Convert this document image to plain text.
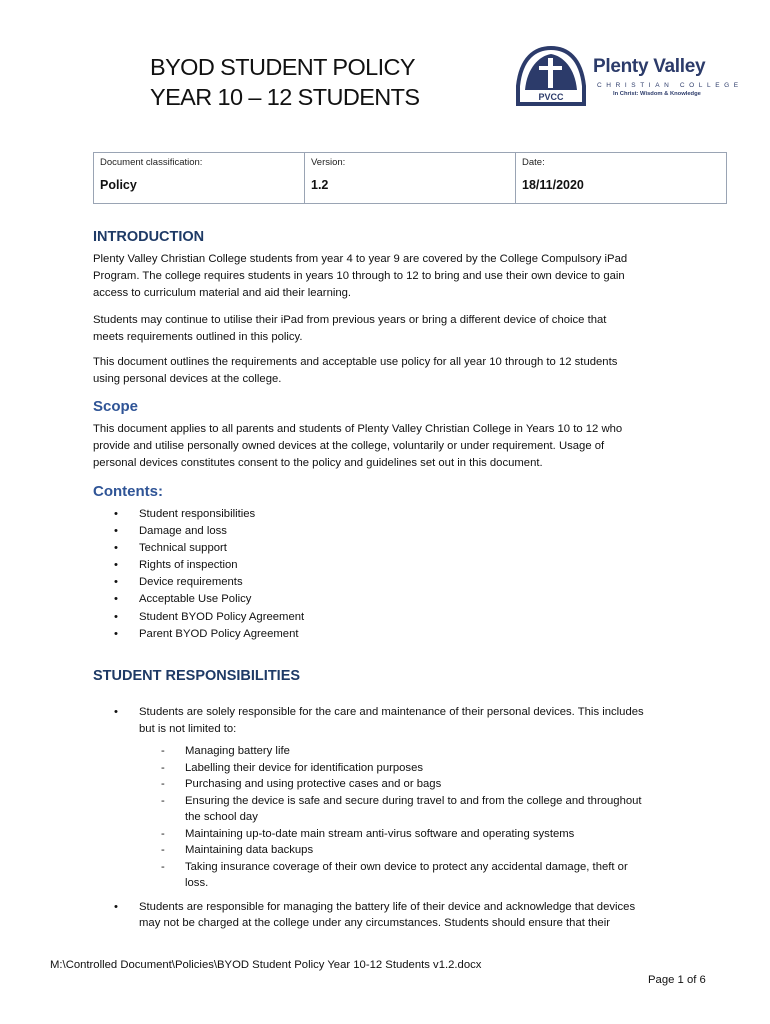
BYOD STUDENT POLICY
YEAR 10 – 12 STUDENTS	PVCC
Plenty Valley
CHRISTIAN COLLEGE
In Christ: Wisdom & Knowledge
Document classification:
Policy

Version:
1.2

Date:
18/11/2020
INTRODUCTION
Plenty Valley Christian College students from year 4 to year 9 are covered by the College Compulsory iPad
Program. The college requires students in years 10 through to 12 to bring and use their own device to gain
access to curriculum material and aid their learning.
Students may continue to utilise their iPad from previous years or bring a different device of choice that
meets requirements outlined in this policy.
This document outlines the requirements and acceptable use policy for all year 10 through to 12 students
using personal devices at the college.
Scope
This document applies to all parents and students of Plenty Valley Christian College in Years 10 to 12 who
provide and utilise personally owned devices at the college, voluntarily or under requirement. Usage of
personal devices constitutes consent to the policy and guidelines set out in this document.
Contents:
• Student responsibilities
• Damage and loss
• Technical support
• Rights of inspection
• Device requirements
• Acceptable Use Policy
• Student BYOD Policy Agreement
• Parent BYOD Policy Agreement
STUDENT RESPONSIBILITIES
• Students are solely responsible for the care and maintenance of their personal devices. This includes
but is not limited to:
- Managing battery life
- Labelling their device for identification purposes
- Purchasing and using protective cases and or bags
- Ensuring the device is safe and secure during travel to and from the college and throughout
the school day
- Maintaining up-to-date main stream anti-virus software and operating systems
- Maintaining data backups
- Taking insurance coverage of their own device to protect any accidental damage, theft or
loss.
• Students are responsible for managing the battery life of their device and acknowledge that devices
may not be charged at the college under any circumstances. Students should ensure that their
M:\Controlled Document\Policies\BYOD Student Policy Year 10-12 Students v1.2.docx
Page 1 of 6
